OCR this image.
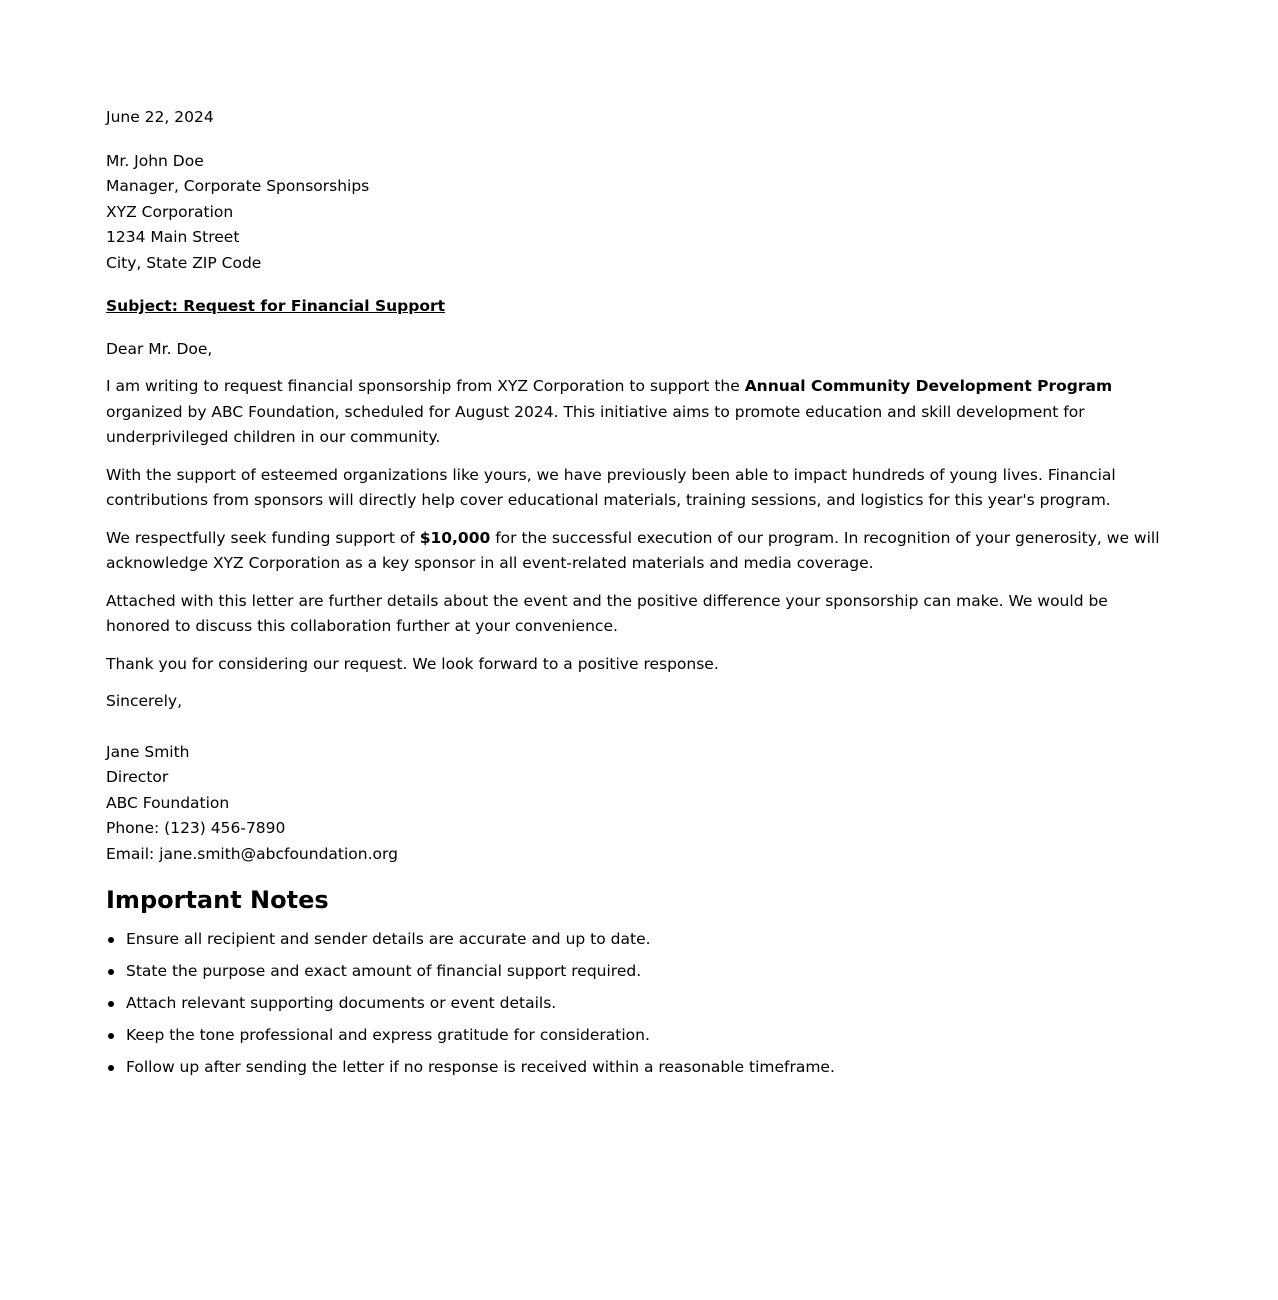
June 22, 2024
Mr. John Doe
Manager, Corporate Sponsorships
XYZ Corporation
1234 Main Street
City, State ZIP Code
Subject: Request for Financial Support
Dear Mr. Doe,

I am writing to request financial sponsorship from XYZ Corporation to support the Annual Community Development Program organized by ABC Foundation, scheduled for August 2024. This initiative aims to promote education and skill development for underprivileged children in our community.

With the support of esteemed organizations like yours, we have previously been able to impact hundreds of young lives. Financial contributions from sponsors will directly help cover educational materials, training sessions, and logistics for this year's program.

We respectfully seek funding support of $10,000 for the successful execution of our program. In recognition of your generosity, we will acknowledge XYZ Corporation as a key sponsor in all event-related materials and media coverage.

Attached with this letter are further details about the event and the positive difference your sponsorship can make. We would be honored to discuss this collaboration further at your convenience.

Thank you for considering our request. We look forward to a positive response.

Sincerely,
Jane Smith
Director
ABC Foundation
Phone: (123) 456-7890
Email: jane.smith@abcfoundation.org
Important Notes
Ensure all recipient and sender details are accurate and up to date.
State the purpose and exact amount of financial support required.
Attach relevant supporting documents or event details.
Keep the tone professional and express gratitude for consideration.
Follow up after sending the letter if no response is received within a reasonable timeframe.
